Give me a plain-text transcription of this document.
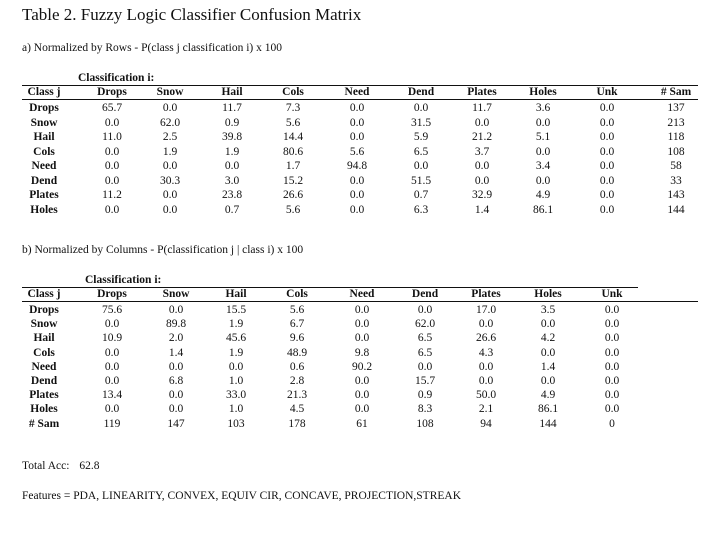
Table 2. Fuzzy Logic Classifier Confusion Matrix
a) Normalized by Rows - P(class j classification i) x 100
Classification i:
Class j	Drops	Snow	Hail	Cols	Need	Dend	Plates	Holes	Unk	# Sam
Drops	65.7	0.0	11.7	7.3	0.0	0.0	11.7	3.6	0.0	137
Snow	0.0	62.0	0.9	5.6	0.0	31.5	0.0	0.0	0.0	213
Hail	11.0	2.5	39.8	14.4	0.0	5.9	21.2	5.1	0.0	118
Cols	0.0	1.9	1.9	80.6	5.6	6.5	3.7	0.0	0.0	108
Need	0.0	0.0	0.0	1.7	94.8	0.0	0.0	3.4	0.0	58
Dend	0.0	30.3	3.0	15.2	0.0	51.5	0.0	0.0	0.0	33
Plates	11.2	0.0	23.8	26.6	0.0	0.7	32.9	4.9	0.0	143
Holes	0.0	0.0	0.7	5.6	0.0	6.3	1.4	86.1	0.0	144
b) Normalized by Columns - P(classification j | class i) x 100
Classification i:
Class j	Drops	Snow	Hail	Cols	Need	Dend	Plates	Holes	Unk
Drops	75.6	0.0	15.5	5.6	0.0	0.0	17.0	3.5	0.0
Snow	0.0	89.8	1.9	6.7	0.0	62.0	0.0	0.0	0.0
Hail	10.9	2.0	45.6	9.6	0.0	6.5	26.6	4.2	0.0
Cols	0.0	1.4	1.9	48.9	9.8	6.5	4.3	0.0	0.0
Need	0.0	0.0	0.0	0.6	90.2	0.0	0.0	1.4	0.0
Dend	0.0	6.8	1.0	2.8	0.0	15.7	0.0	0.0	0.0
Plates	13.4	0.0	33.0	21.3	0.0	0.9	50.0	4.9	0.0
Holes	0.0	0.0	1.0	4.5	0.0	8.3	2.1	86.1	0.0
# Sam	119	147	103	178	61	108	94	144	0
Total Acc: 62.8
Features = PDA, LINEARITY, CONVEX, EQUIV CIR, CONCAVE, PROJECTION,STREAK
